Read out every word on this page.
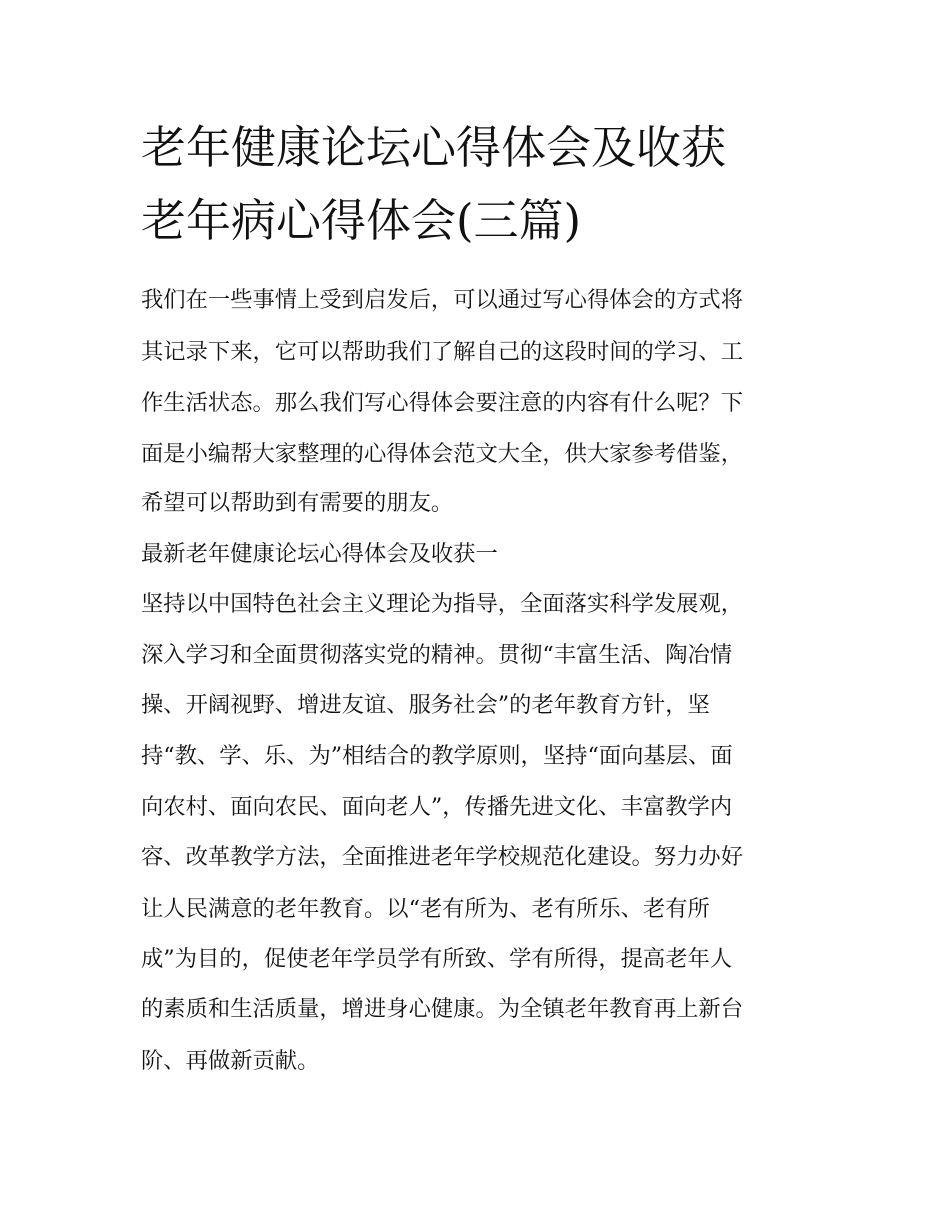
老年健康论坛心得体会及收获
老年病心得体会(三篇)

我们在一些事情上受到启发后，可以通过写心得体会的方式将

其记录下来，它可以帮助我们了解自己的这段时间的学习、工

作生活状态。那么我们写心得体会要注意的内容有什么呢？下

面是小编帮大家整理的心得体会范文大全，供大家参考借鉴，

希望可以帮助到有需要的朋友。

最新老年健康论坛心得体会及收获一

坚持以中国特色社会主义理论为指导，全面落实科学发展观，

深入学习和全面贯彻落实党的精神。贯彻“丰富生活、陶冶情

操、开阔视野、增进友谊、服务社会”的老年教育方针，坚

持“教、学、乐、为”相结合的教学原则，坚持“面向基层、面

向农村、面向农民、面向老人”，传播先进文化、丰富教学内

容、改革教学方法，全面推进老年学校规范化建设。努力办好

让人民满意的老年教育。以“老有所为、老有所乐、老有所

成”为目的，促使老年学员学有所致、学有所得，提高老年人

的素质和生活质量，增进身心健康。为全镇老年教育再上新台

阶、再做新贡献。
